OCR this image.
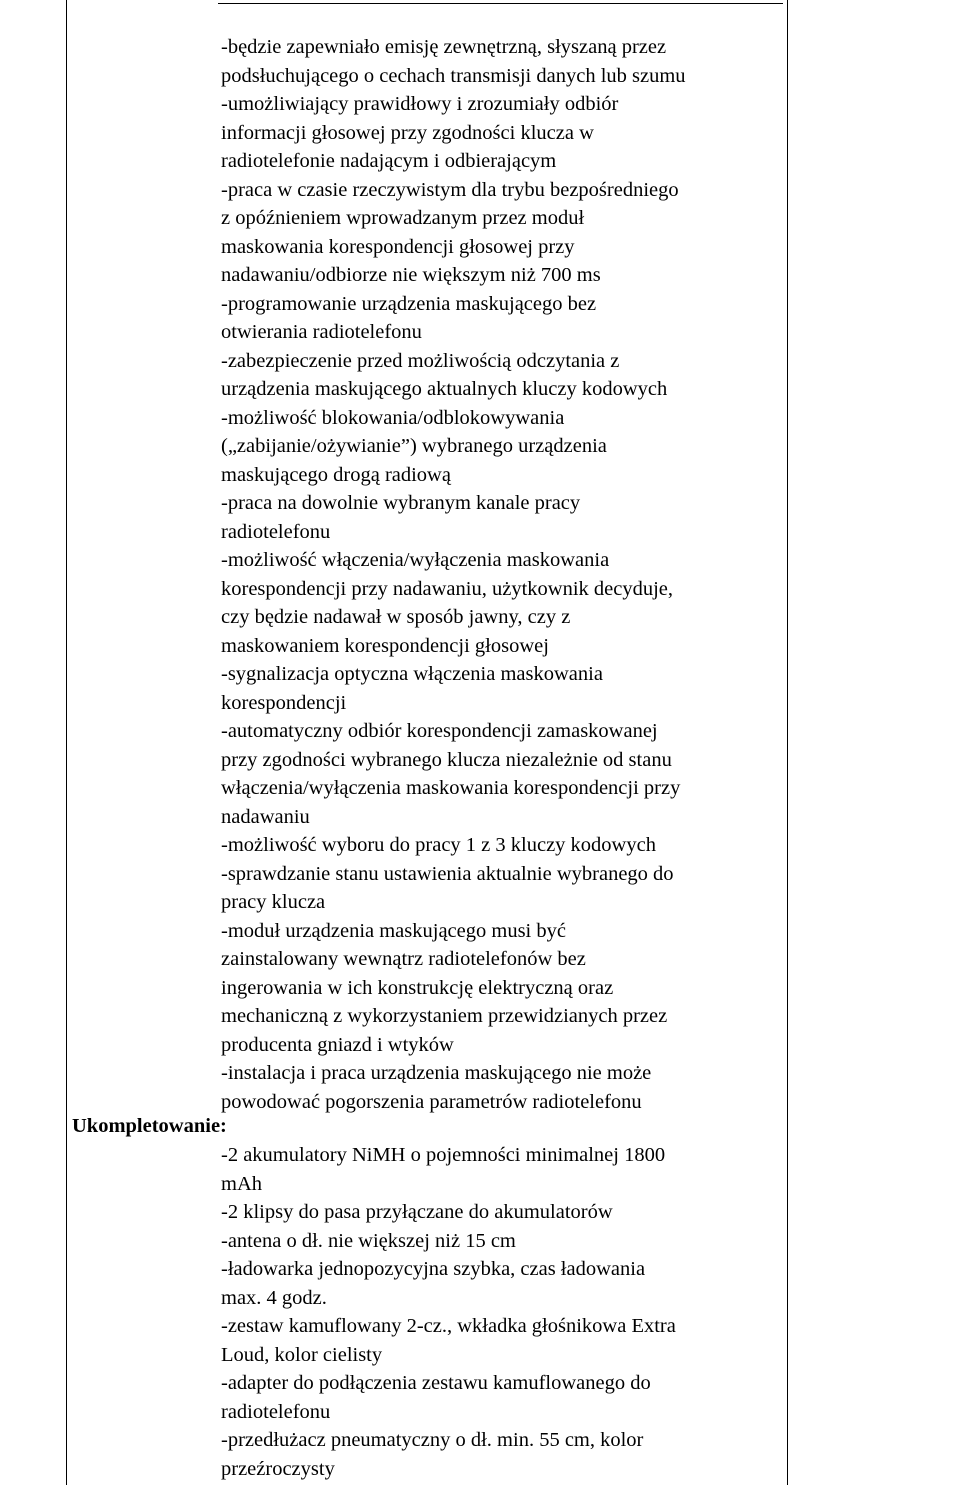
-będzie zapewniało emisję zewnętrzną, słyszaną przez
podsłuchującego o cechach transmisji danych lub szumu
-umożliwiający prawidłowy i zrozumiały odbiór
informacji głosowej przy zgodności klucza w
radiotelefonie nadającym i odbierającym
-praca w czasie rzeczywistym dla trybu bezpośredniego
z opóźnieniem wprowadzanym przez moduł
maskowania korespondencji głosowej przy
nadawaniu/odbiorze nie większym niż 700 ms
-programowanie urządzenia maskującego bez
otwierania radiotelefonu
-zabezpieczenie przed możliwością odczytania z
urządzenia maskującego aktualnych kluczy kodowych
-możliwość blokowania/odblokowywania
(„zabijanie/ożywianie”) wybranego urządzenia
maskującego drogą radiową
-praca na dowolnie wybranym kanale pracy
radiotelefonu
-możliwość włączenia/wyłączenia maskowania
korespondencji przy nadawaniu, użytkownik decyduje,
czy będzie nadawał w sposób jawny, czy z
maskowaniem korespondencji głosowej
-sygnalizacja optyczna włączenia maskowania
korespondencji
-automatyczny odbiór korespondencji zamaskowanej
przy zgodności wybranego klucza niezależnie od stanu
włączenia/wyłączenia maskowania korespondencji przy
nadawaniu
-możliwość wyboru do pracy 1 z 3 kluczy kodowych
-sprawdzanie stanu ustawienia aktualnie wybranego do
pracy klucza
-moduł urządzenia maskującego musi być
zainstalowany wewnątrz radiotelefonów bez
ingerowania w ich konstrukcję elektryczną oraz
mechaniczną z wykorzystaniem przewidzianych przez
producenta gniazd i wtyków
-instalacja i praca urządzenia maskującego nie może
powodować pogorszenia parametrów radiotelefonu
Ukompletowanie:
-2 akumulatory NiMH o pojemności minimalnej 1800
mAh
-2 klipsy do pasa przyłączane do akumulatorów
-antena o dł. nie większej niż 15 cm
-ładowarka jednopozycyjna szybka, czas ładowania
max. 4 godz.
-zestaw kamuflowany 2-cz., wkładka głośnikowa Extra
Loud, kolor cielisty
-adapter do podłączenia zestawu kamuflowanego do
radiotelefonu
-przedłużacz pneumatyczny o dł. min. 55 cm, kolor
przeźroczysty
